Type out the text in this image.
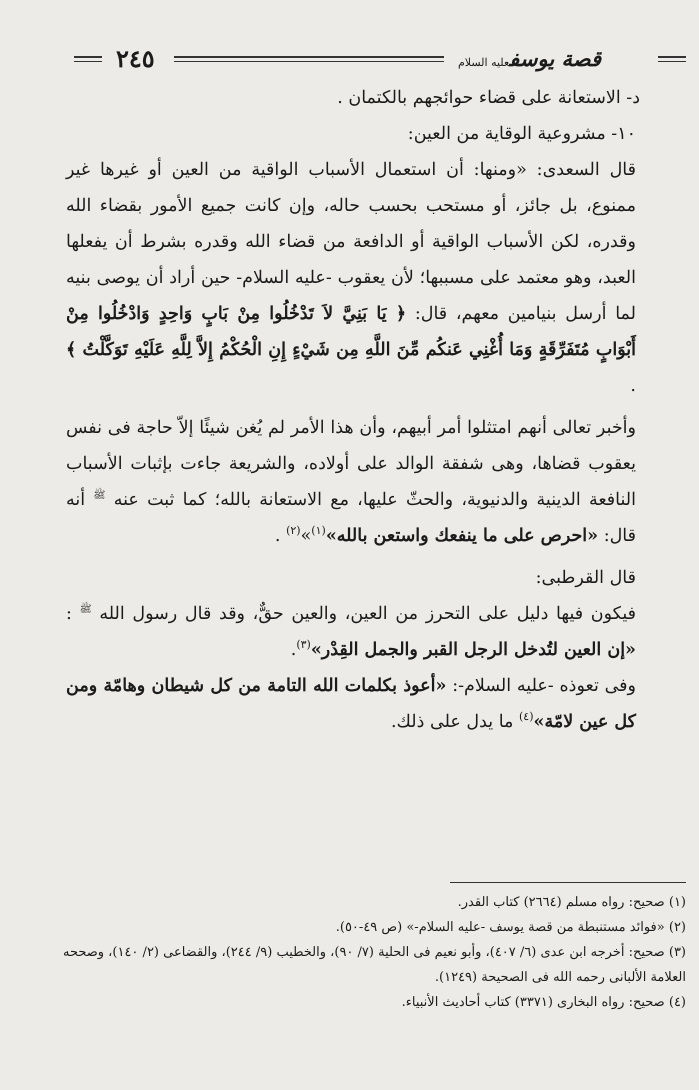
٢٤٥	قصة يوسفعليه السلام

د- الاستعانة على قضاء حوائجهم بالكتمان .

١٠- مشروعية الوقاية من العين:

قال السعدى: «ومنها: أن استعمال الأسباب الواقية من العين أو غيرها غير ممنوع، بل جائز، أو مستحب بحسب حاله، وإن كانت جميع الأمور بقضاء الله وقدره، لكن الأسباب الواقية أو الدافعة من قضاء الله وقدره بشرط أن يفعلها العبد، وهو معتمد على مسببها؛ لأن يعقوب -عليه السلام- حين أراد أن يوصى بنيه لما أرسل بنيامين معهم، قال: ﴿ يَا بَنِيَّ لاَ تَدْخُلُوا مِنْ بَابٍ وَاحِدٍ وَادْخُلُوا مِنْ أَبْوَابٍ مُتَفَرِّقَةٍ وَمَا أُغْنِي عَنكُم مِّنَ اللَّهِ مِن شَيْءٍ إِنِ الْحُكْمُ إِلاَّ لِلَّهِ عَلَيْهِ تَوَكَّلْتُ ﴾ .

وأخبر تعالى أنهم امتثلوا أمر أبيهم، وأن هذا الأمر لم يُغن شيئًا إلاّ حاجة فى نفس يعقوب قضاها، وهى شفقة الوالد على أولاده، والشريعة جاءت بإثبات الأسباب النافعة الدينية والدنيوية، والحثّ عليها، مع الاستعانة بالله؛ كما ثبت عنه $^ﷺ$ أنه قال: «احرص على ما ينفعك واستعن بالله»$^{(١)}$»$^{(٢)}$ .

قال القرطبى:

فيكون فيها دليل على التحرز من العين، والعين حقٌّ، وقد قال رسول الله $^ﷺ$ : «إن العين لتُدخل الرجل القبر والجمل القِدْر»$^{(٣)}$.

وفى تعوذه -عليه السلام-: «أعوذ بكلمات الله التامة من كل شيطان وهامّة ومن كل عين لامّة»$^{(٤)}$ ما يدل على ذلك.

(١) صحيح: رواه مسلم (٢٦٦٤) كتاب القدر.

(٢) «فوائد مستنبطة من قصة يوسف -عليه السلام-» (ص ٤٩-٥٠).

(٣) صحيح: أخرجه ابن عدى (٦/ ٤٠٧)، وأبو نعيم فى الحلية (٧/ ٩٠)، والخطيب (٩/ ٢٤٤)، والقضاعى (٢/ ١٤٠)، وصححه العلامة الألبانى رحمه الله فى الصحيحة (١٢٤٩).

(٤) صحيح: رواه البخارى (٣٣٧١) كتاب أحاديث الأنبياء.
